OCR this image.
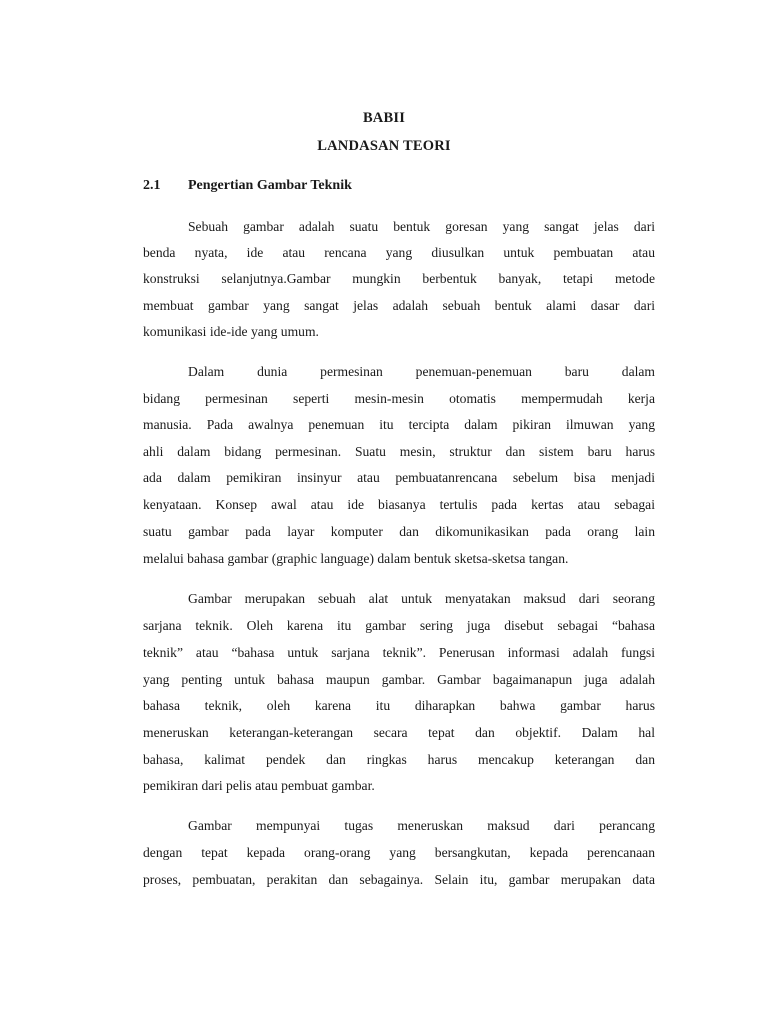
BABII

LANDASAN TEORI

2.1 Pengertian Gambar Teknik

Sebuah gambar adalah suatu bentuk goresan yang sangat jelas dari
benda nyata, ide atau rencana yang diusulkan untuk pembuatan atau
konstruksi selanjutnya.Gambar mungkin berbentuk banyak, tetapi metode
membuat gambar yang sangat jelas adalah sebuah bentuk alami dasar dari
komunikasi ide-ide yang umum.
Dalam dunia permesinan penemuan-penemuan baru dalam
bidang permesinan seperti mesin-mesin otomatis mempermudah kerja
manusia. Pada awalnya penemuan itu tercipta dalam pikiran ilmuwan yang
ahli dalam bidang permesinan. Suatu mesin, struktur dan sistem baru harus
ada dalam pemikiran insinyur atau pembuatanrencana sebelum bisa menjadi
kenyataan. Konsep awal atau ide biasanya tertulis pada kertas atau sebagai
suatu gambar pada layar komputer dan dikomunikasikan pada orang lain
melalui bahasa gambar (graphic language) dalam bentuk sketsa-sketsa tangan.
Gambar merupakan sebuah alat untuk menyatakan maksud dari seorang
sarjana teknik. Oleh karena itu gambar sering juga disebut sebagai “bahasa
teknik” atau “bahasa untuk sarjana teknik”. Penerusan informasi adalah fungsi
yang penting untuk bahasa maupun gambar. Gambar bagaimanapun juga adalah
bahasa teknik, oleh karena itu diharapkan bahwa gambar harus
meneruskan keterangan-keterangan secara tepat dan objektif. Dalam hal
bahasa, kalimat pendek dan ringkas harus mencakup keterangan dan
pemikiran dari pelis atau pembuat gambar.
Gambar mempunyai tugas meneruskan maksud dari perancang
dengan tepat kepada orang-orang yang bersangkutan, kepada perencanaan
proses, pembuatan, perakitan dan sebagainya. Selain itu, gambar merupakan data
